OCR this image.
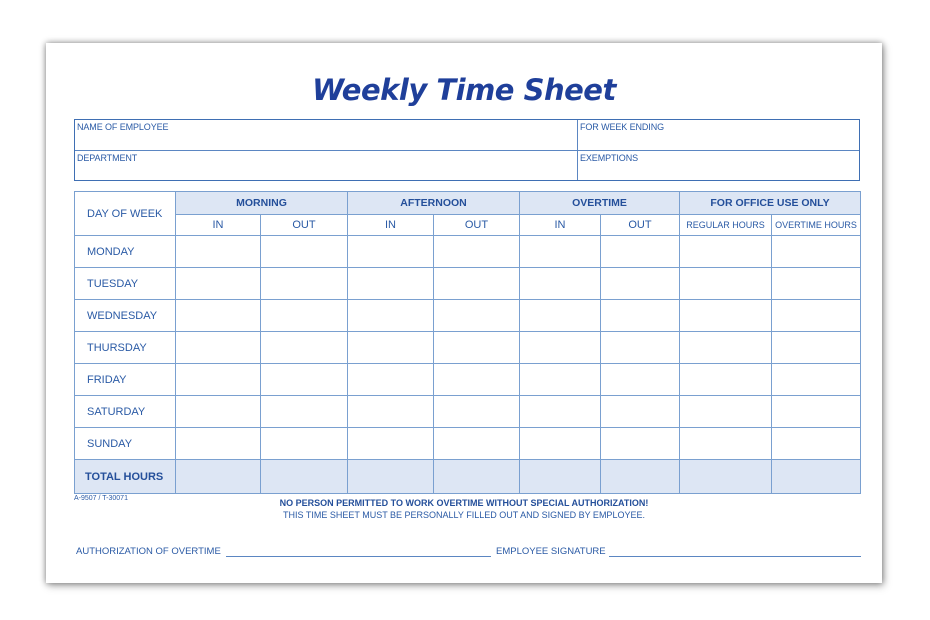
Weekly Time Sheet
NAME OF EMPLOYEE	FOR WEEK ENDING
DEPARTMENT	EXEMPTIONS
DAY OF WEEK	MORNING		AFTERNOON		OVERTIME		FOR OFFICE USE ONLY	
	IN	OUT	IN	OUT	IN	OUT	REGULAR HOURS	OVERTIME HOURS
MONDAY								
TUESDAY								
WEDNESDAY								
THURSDAY								
FRIDAY								
SATURDAY								
SUNDAY								
TOTAL HOURS								
A-9507 / T-30071	NO PERSON PERMITTED TO WORK OVERTIME WITHOUT SPECIAL AUTHORIZATION!
THIS TIME SHEET MUST BE PERSONALLY FILLED OUT AND SIGNED BY EMPLOYEE.
AUTHORIZATION OF OVERTIME	EMPLOYEE SIGNATURE
